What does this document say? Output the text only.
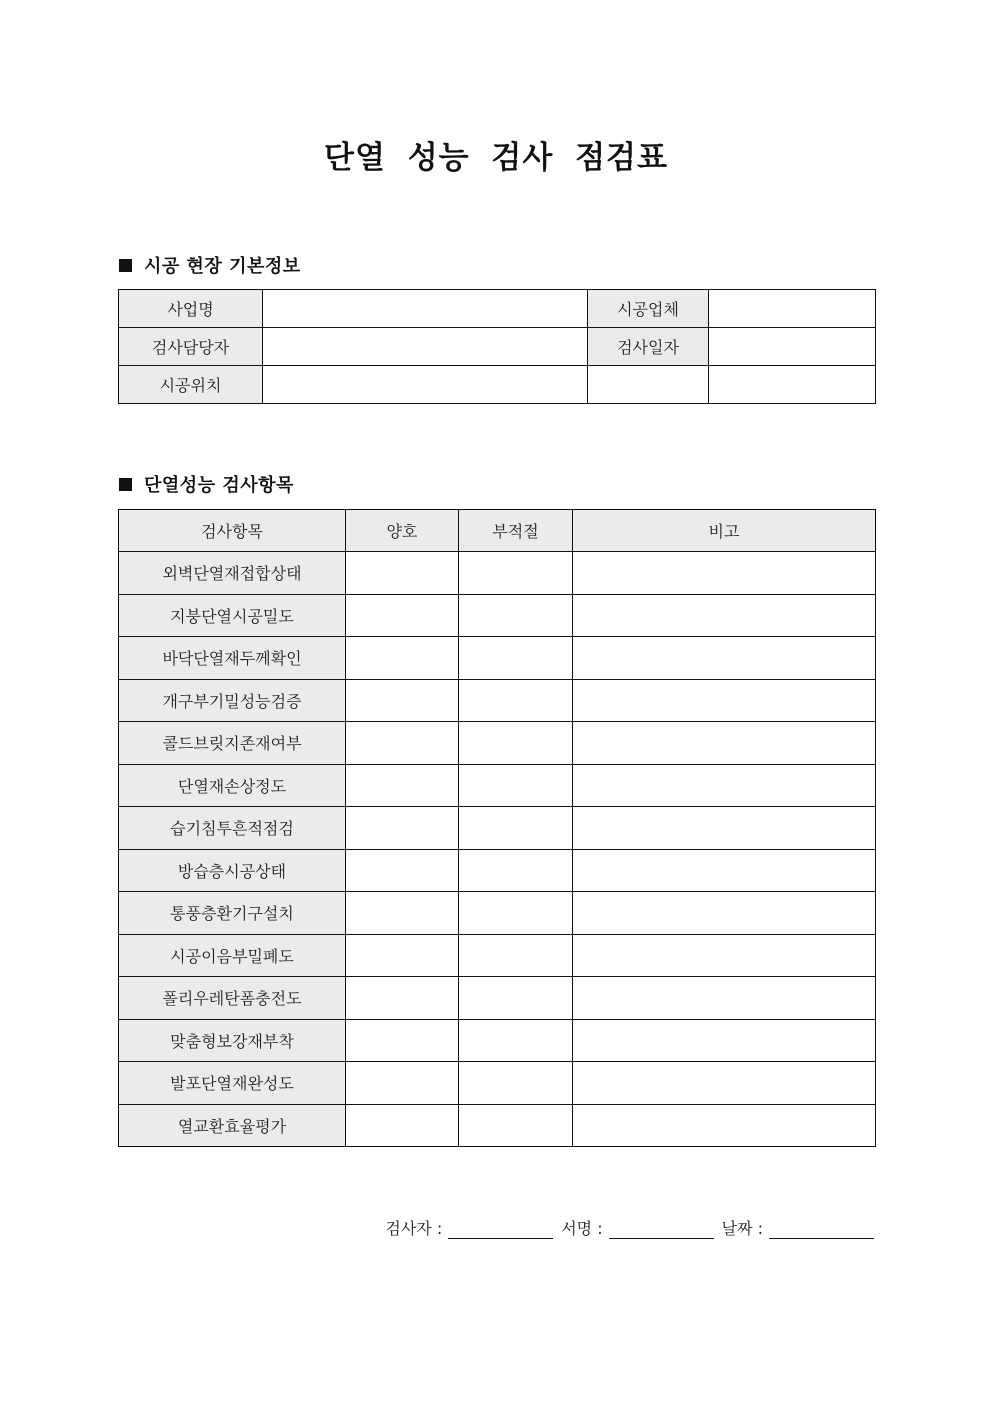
단열 성능 검사 점검표
시공 현장 기본정보
사업명		시공업체	
검사담당자		검사일자	
시공위치			
단열성능 검사항목
검사항목	양호	부적절	비고
외벽단열재접합상태			
지붕단열시공밀도			
바닥단열재두께확인			
개구부기밀성능검증			
콜드브릿지존재여부			
단열재손상정도			
습기침투흔적점검			
방습층시공상태			
통풍층환기구설치			
시공이음부밀폐도			
폴리우레탄폼충전도			
맞춤형보강재부착			
발포단열재완성도			
열교환효율평가			
검사자 :	서명 :	날짜 :
